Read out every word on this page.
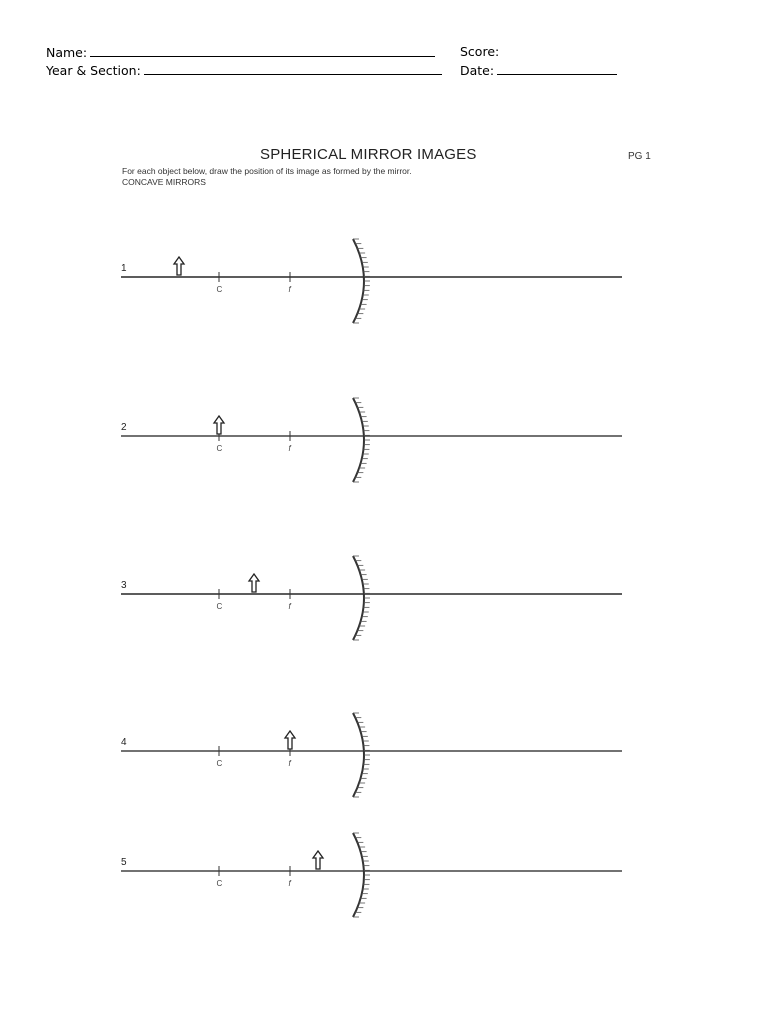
Name:
Year & Section:
Score:
Date:
SPHERICAL MIRROR IMAGES	PG 1
For each object below, draw the position of its image as formed by the mirror.
CONCAVE MIRRORS
1
C	f
2
C	f
3
C	f
4
C	f
5
C	f
